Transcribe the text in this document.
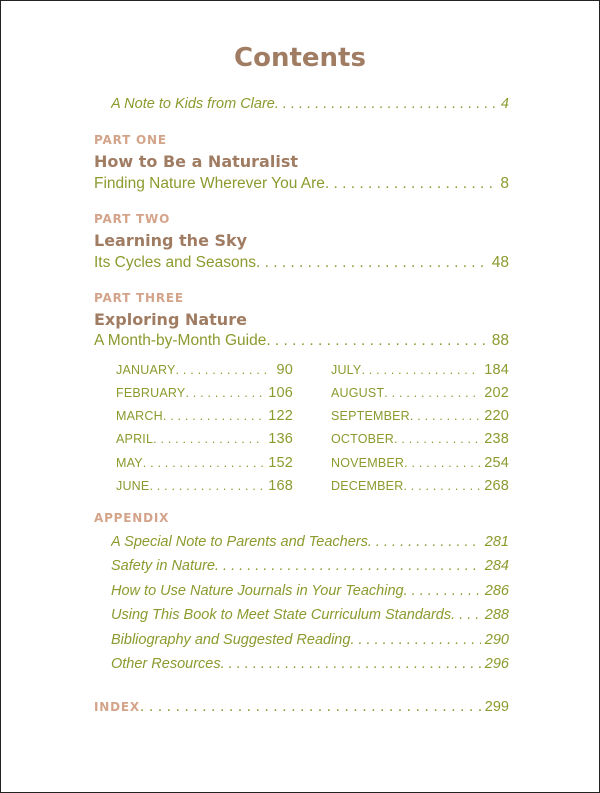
Contents
A Note to Kids from Clare . . .	4
PART ONE
How to Be a Naturalist
Finding Nature Wherever You Are . . .	8
PART TWO
Learning the Sky
Its Cycles and Seasons . . .	48
PART THREE
Exploring Nature
A Month-by-Month Guide . . .	88
JANUARY . . .	90
FEBRUARY . . .	106
MARCH . . .	122
APRIL . . .	136
MAY . . .	152
JUNE . . .	168
JULY . . .	184
AUGUST . . .	202
SEPTEMBER . . .	220
OCTOBER . . .	238
NOVEMBER . . .	254
DECEMBER . . .	268
APPENDIX
A Special Note to Parents and Teachers . . .	281
Safety in Nature . . .	284
How to Use Nature Journals in Your Teaching . . .	286
Using This Book to Meet State Curriculum Standards . . . 288
Bibliography and Suggested Reading . . .	290
Other Resources . . .	296
INDEX . . .	299
